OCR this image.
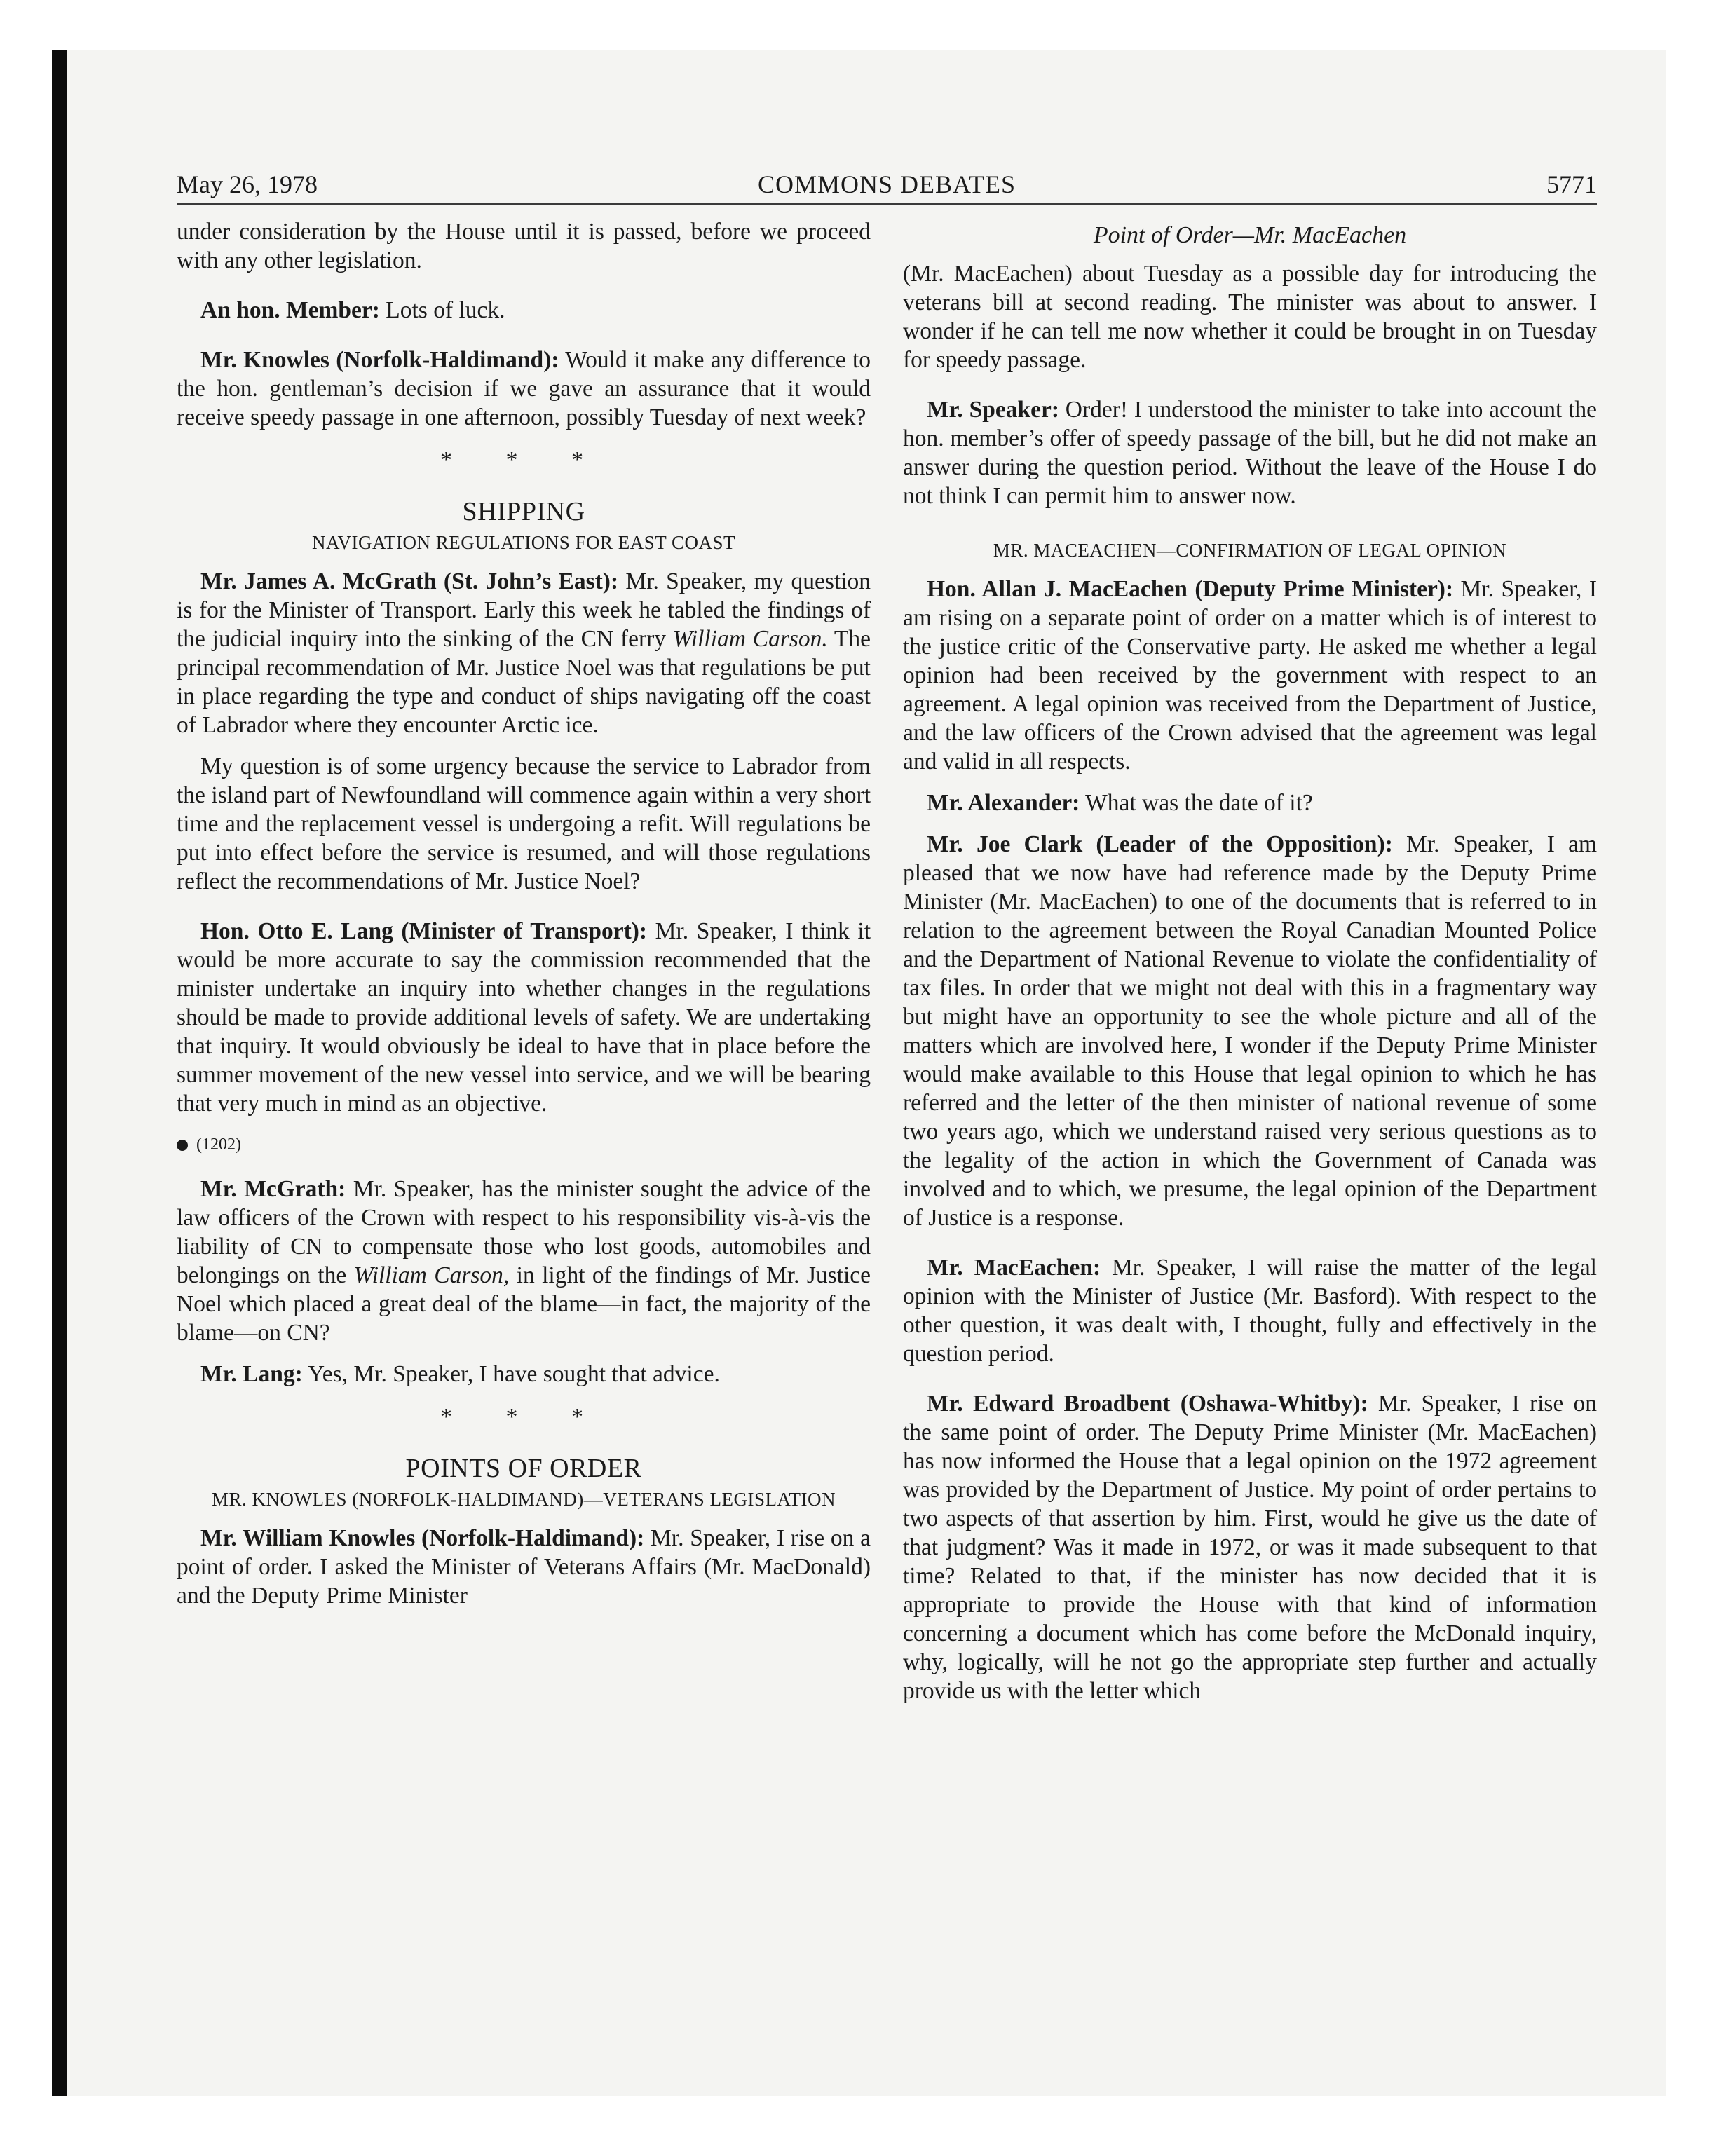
May 26, 1978	COMMONS DEBATES	5771

under consideration by the House until it is passed, before we proceed with any other legislation.

An hon. Member: Lots of luck.

Mr. Knowles (Norfolk-Haldimand): Would it make any difference to the hon. gentleman’s decision if we gave an assurance that it would receive speedy passage in one afternoon, possibly Tuesday of next week?

* * *
SHIPPING
NAVIGATION REGULATIONS FOR EAST COAST

Mr. James A. McGrath (St. John’s East): Mr. Speaker, my question is for the Minister of Transport. Early this week he tabled the findings of the judicial inquiry into the sinking of the CN ferry William Carson. The principal recommendation of Mr. Justice Noel was that regulations be put in place regarding the type and conduct of ships navigating off the coast of Labrador where they encounter Arctic ice.

My question is of some urgency because the service to Labrador from the island part of Newfoundland will commence again within a very short time and the replacement vessel is undergoing a refit. Will regulations be put into effect before the service is resumed, and will those regulations reflect the recommendations of Mr. Justice Noel?

Hon. Otto E. Lang (Minister of Transport): Mr. Speaker, I think it would be more accurate to say the commission recommended that the minister undertake an inquiry into whether changes in the regulations should be made to provide additional levels of safety. We are undertaking that inquiry. It would obviously be ideal to have that in place before the summer movement of the new vessel into service, and we will be bearing that very much in mind as an objective.

(1202)

Mr. McGrath: Mr. Speaker, has the minister sought the advice of the law officers of the Crown with respect to his responsibility vis-à-vis the liability of CN to compensate those who lost goods, automobiles and belongings on the William Carson, in light of the findings of Mr. Justice Noel which placed a great deal of the blame—in fact, the majority of the blame—on CN?

Mr. Lang: Yes, Mr. Speaker, I have sought that advice.

* * *
POINTS OF ORDER
MR. KNOWLES (NORFOLK-HALDIMAND)—VETERANS LEGISLATION

Mr. William Knowles (Norfolk-Haldimand): Mr. Speaker, I rise on a point of order. I asked the Minister of Veterans Affairs (Mr. MacDonald) and the Deputy Prime Minister

Point of Order—Mr. MacEachen

(Mr. MacEachen) about Tuesday as a possible day for introducing the veterans bill at second reading. The minister was about to answer. I wonder if he can tell me now whether it could be brought in on Tuesday for speedy passage.

Mr. Speaker: Order! I understood the minister to take into account the hon. member’s offer of speedy passage of the bill, but he did not make an answer during the question period. Without the leave of the House I do not think I can permit him to answer now.

MR. MACEACHEN—CONFIRMATION OF LEGAL OPINION

Hon. Allan J. MacEachen (Deputy Prime Minister): Mr. Speaker, I am rising on a separate point of order on a matter which is of interest to the justice critic of the Conservative party. He asked me whether a legal opinion had been received by the government with respect to an agreement. A legal opinion was received from the Department of Justice, and the law officers of the Crown advised that the agreement was legal and valid in all respects.

Mr. Alexander: What was the date of it?

Mr. Joe Clark (Leader of the Opposition): Mr. Speaker, I am pleased that we now have had reference made by the Deputy Prime Minister (Mr. MacEachen) to one of the documents that is referred to in relation to the agreement between the Royal Canadian Mounted Police and the Department of National Revenue to violate the confidentiality of tax files. In order that we might not deal with this in a fragmentary way but might have an opportunity to see the whole picture and all of the matters which are involved here, I wonder if the Deputy Prime Minister would make available to this House that legal opinion to which he has referred and the letter of the then minister of national revenue of some two years ago, which we understand raised very serious questions as to the legality of the action in which the Government of Canada was involved and to which, we presume, the legal opinion of the Department of Justice is a response.

Mr. MacEachen: Mr. Speaker, I will raise the matter of the legal opinion with the Minister of Justice (Mr. Basford). With respect to the other question, it was dealt with, I thought, fully and effectively in the question period.

Mr. Edward Broadbent (Oshawa-Whitby): Mr. Speaker, I rise on the same point of order. The Deputy Prime Minister (Mr. MacEachen) has now informed the House that a legal opinion on the 1972 agreement was provided by the Department of Justice. My point of order pertains to two aspects of that assertion by him. First, would he give us the date of that judgment? Was it made in 1972, or was it made subsequent to that time? Related to that, if the minister has now decided that it is appropriate to provide the House with that kind of information concerning a document which has come before the McDonald inquiry, why, logically, will he not go the appropriate step further and actually provide us with the letter which
